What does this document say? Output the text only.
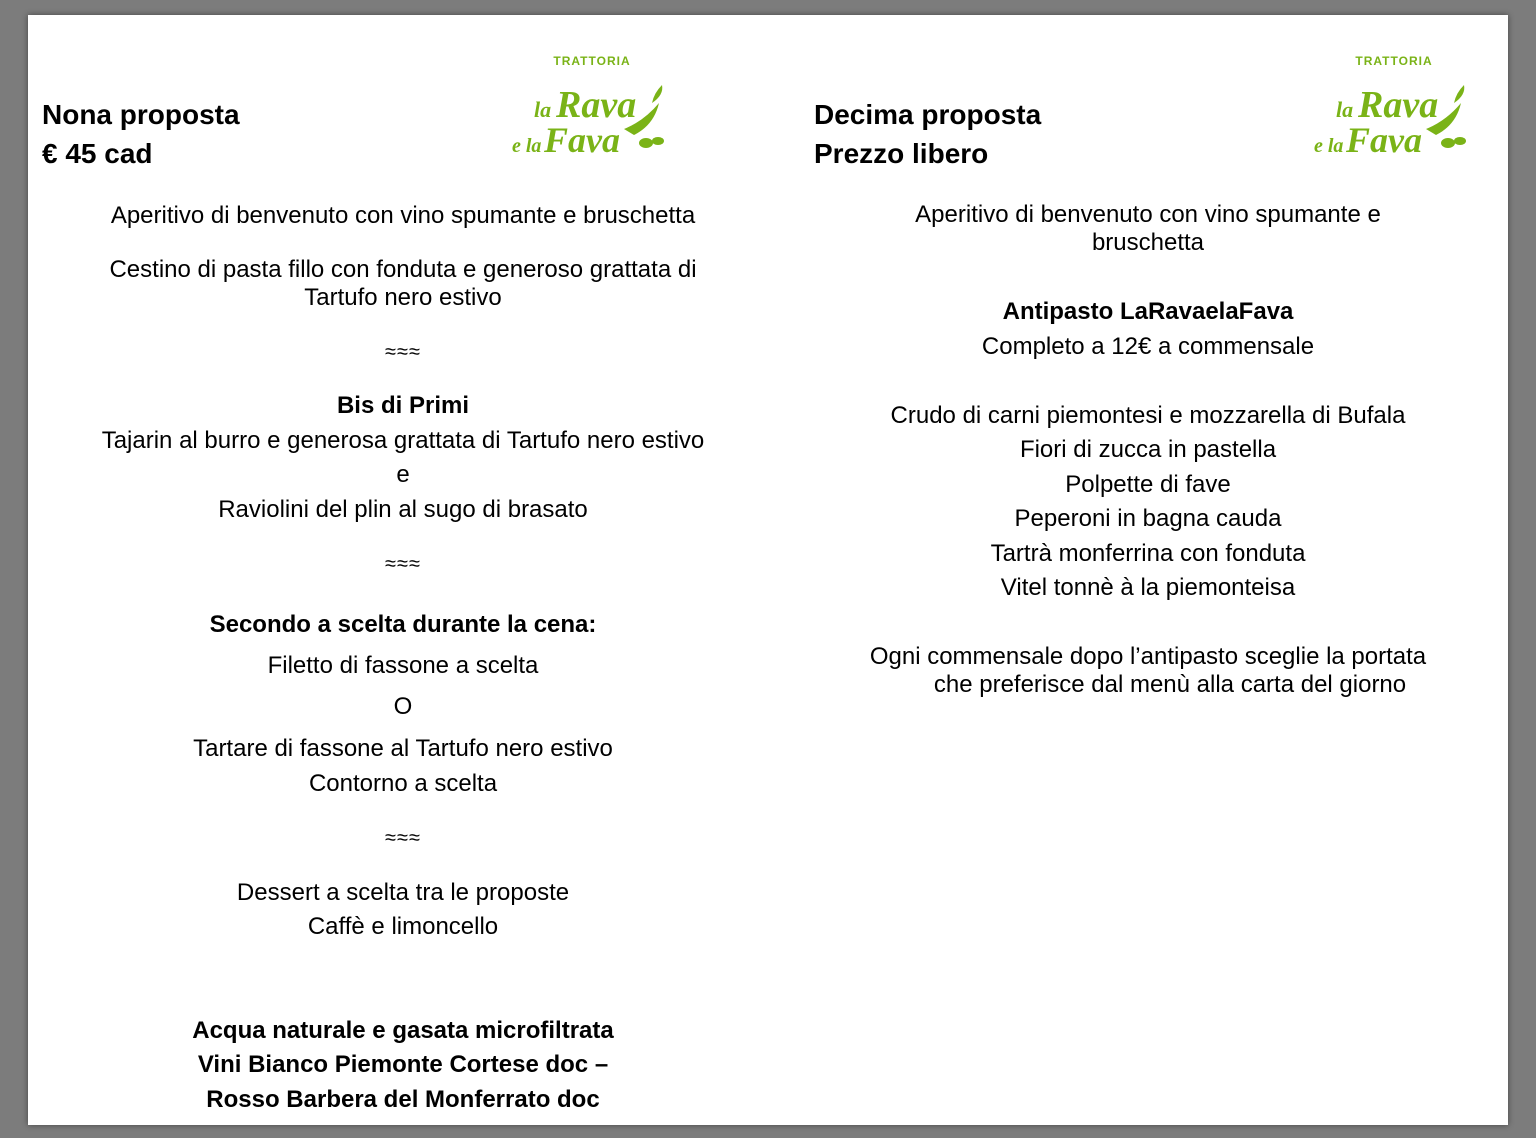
Nona proposta
€ 45 cad
TRATTORIA
la Rava
e la Fava
Aperitivo di benvenuto con vino spumante e bruschetta
Cestino di pasta fillo con fonduta e generoso grattata di
Tartufo nero estivo
≈≈≈
Bis di Primi
Tajarin al burro e generosa grattata di Tartufo nero estivo
e
Raviolini del plin al sugo di brasato
≈≈≈
Secondo a scelta durante la cena:
Filetto di fassone a scelta
O
Tartare di fassone al Tartufo nero estivo
Contorno a scelta
≈≈≈
Dessert a scelta tra le proposte
Caffè e limoncello
Acqua naturale e gasata microfiltrata
Vini Bianco Piemonte Cortese doc –
Rosso Barbera del Monferrato doc
Decima proposta
Prezzo libero
TRATTORIA
la Rava
e la Fava
Aperitivo di benvenuto con vino spumante e
bruschetta
Antipasto LaRavaelaFava
Completo a 12€ a commensale
Crudo di carni piemontesi e mozzarella di Bufala
Fiori di zucca in pastella
Polpette di fave
Peperoni in bagna cauda
Tartrà monferrina con fonduta
Vitel tonnè à la piemonteisa
Ogni commensale dopo l’antipasto sceglie la portata
che preferisce dal menù alla carta del giorno
